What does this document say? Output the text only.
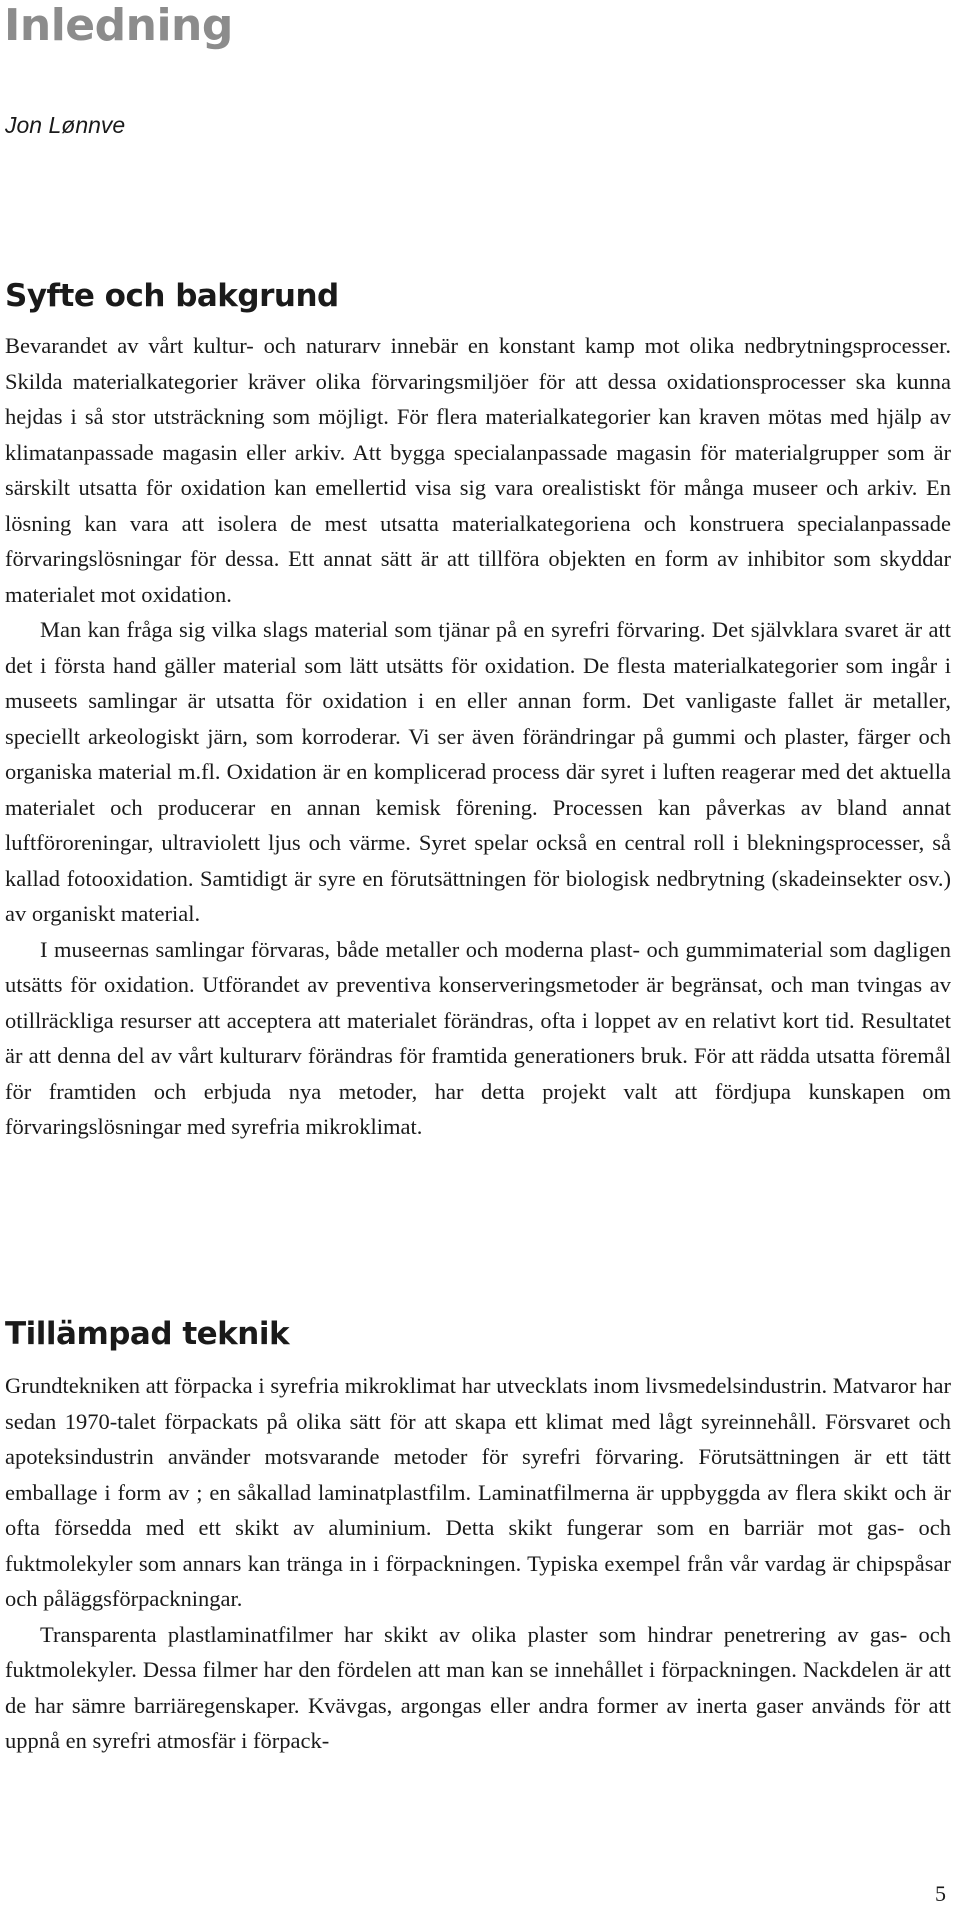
Inledning

Jon Lønnve

Syfte och bakgrund

Bevarandet av vårt kultur- och naturarv innebär en konstant kamp mot olika nedbrytningsprocesser. Skilda materialkategorier kräver olika förvaringsmiljöer för att dessa oxidationsprocesser ska kunna hejdas i så stor utsträckning som möjligt. För flera materialkategorier kan kraven mötas med hjälp av klimatanpassade magasin eller arkiv. Att bygga specialanpassade magasin för materialgrupper som är särskilt utsatta för oxidation kan emellertid visa sig vara orealistiskt för många museer och arkiv. En lösning kan vara att isolera de mest utsatta materialkategoriena och konstruera specialanpassade förvaringslösningar för dessa. Ett annat sätt är att tillföra objekten en form av inhibitor som skyddar materialet mot oxidation.

Man kan fråga sig vilka slags material som tjänar på en syrefri förvaring. Det självklara svaret är att det i första hand gäller material som lätt utsätts för oxidation. De flesta materialkategorier som ingår i museets samlingar är utsatta för oxidation i en eller annan form. Det vanligaste fallet är metaller, speciellt arkeologiskt järn, som korroderar. Vi ser även förändringar på gummi och plaster, färger och organiska material m.fl. Oxidation är en komplicerad process där syret i luften reagerar med det aktuella materialet och producerar en annan kemisk förening. Processen kan påverkas av bland annat luftföroreningar, ultraviolett ljus och värme. Syret spelar också en central roll i blekningsprocesser, så kallad fotooxidation. Samtidigt är syre en förutsättningen för biologisk nedbrytning (skadeinsekter osv.) av organiskt material.

I museernas samlingar förvaras, både metaller och moderna plast- och gummimaterial som dagligen utsätts för oxidation. Utförandet av preventiva konserveringsmetoder är begränsat, och man tvingas av otillräckliga resurser att acceptera att materialet förändras, ofta i loppet av en relativt kort tid. Resultatet är att denna del av vårt kulturarv förändras för framtida generationers bruk. För att rädda utsatta föremål för framtiden och erbjuda nya metoder, har detta projekt valt att fördjupa kunskapen om förvaringslösningar med syrefria mikroklimat.

Tillämpad teknik

Grundtekniken att förpacka i syrefria mikroklimat har utvecklats inom livsmedelsindustrin. Matvaror har sedan 1970-talet förpackats på olika sätt för att skapa ett klimat med lågt syreinnehåll. Försvaret och apoteksindustrin använder motsvarande metoder för syrefri förvaring. Förutsättningen är ett tätt emballage i form av ; en såkallad laminatplastfilm. Laminatfilmerna är uppbyggda av flera skikt och är ofta försedda med ett skikt av aluminium. Detta skikt fungerar som en barriär mot gas- och fuktmolekyler som annars kan tränga in i förpackningen. Typiska exempel från vår vardag är chipspåsar och påläggsförpackningar.

Transparenta plastlaminatfilmer har skikt av olika plaster som hindrar penetrering av gas- och fuktmolekyler. Dessa filmer har den fördelen att man kan se innehållet i förpackningen. Nackdelen är att de har sämre barriäregenskaper. Kvävgas, argongas eller andra former av inerta gaser används för att uppnå en syrefri atmosfär i förpack-

5
